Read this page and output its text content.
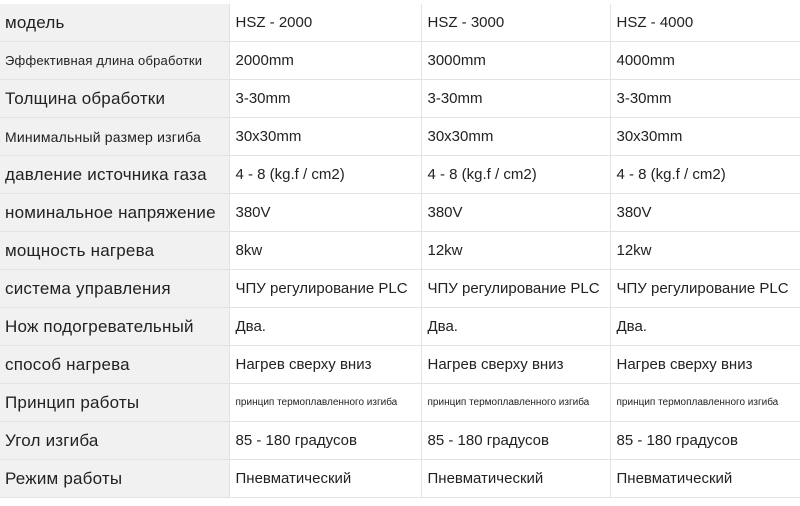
модель	HSZ - 2000	HSZ - 3000	HSZ - 4000
Эффективная длина обработки	2000mm	3000mm	4000mm
Толщина обработки	3-30mm	3-30mm	3-30mm
Минимальный размер изгиба	30x30mm	30x30mm	30x30mm
давление источника газа	4 - 8 (kg.f / cm2)	4 - 8 (kg.f / cm2)	4 - 8 (kg.f / cm2)
номинальное напряжение	380V	380V	380V
мощность нагрева	8kw	12kw	12kw
система управления	ЧПУ регулирование PLC	ЧПУ регулирование PLC	ЧПУ регулирование PLC
Нож подогревательный	Два.	Два.	Два.
способ нагрева	Нагрев сверху вниз	Нагрев сверху вниз	Нагрев сверху вниз
Принцип работы	принцип термоплавленного изгиба	принцип термоплавленного изгиба	принцип термоплавленного изгиба
Угол изгиба	85 - 180 градусов	85 - 180 градусов	85 - 180 градусов
Режим работы	Пневматический	Пневматический	Пневматический
